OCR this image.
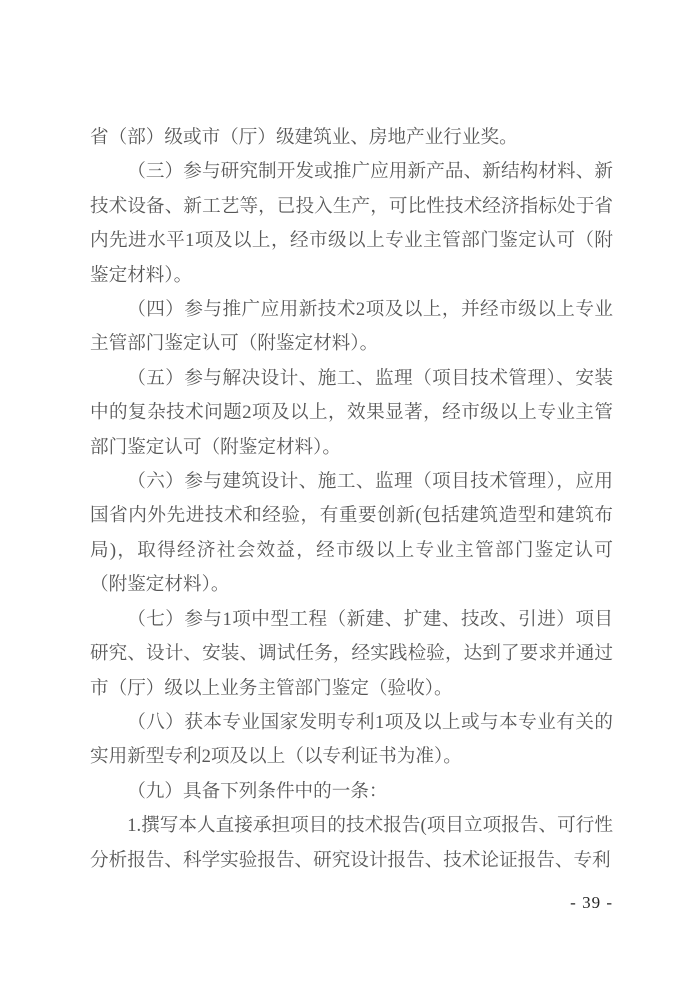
省（部）级或市（厅）级建筑业、房地产业行业奖。

（三）参与研究制开发或推广应用新产品、新结构材料、新技术设备、新工艺等，已投入生产，可比性技术经济指标处于省内先进水平1项及以上，经市级以上专业主管部门鉴定认可（附鉴定材料）。

（四）参与推广应用新技术2项及以上，并经市级以上专业主管部门鉴定认可（附鉴定材料）。

（五）参与解决设计、施工、监理（项目技术管理）、安装中的复杂技术问题2项及以上，效果显著，经市级以上专业主管部门鉴定认可（附鉴定材料）。

（六）参与建筑设计、施工、监理（项目技术管理），应用国省内外先进技术和经验，有重要创新(包括建筑造型和建筑布局)，取得经济社会效益，经市级以上专业主管部门鉴定认可（附鉴定材料）。

（七）参与1项中型工程（新建、扩建、技改、引进）项目研究、设计、安装、调试任务，经实践检验，达到了要求并通过市（厅）级以上业务主管部门鉴定（验收）。

（八）获本专业国家发明专利1项及以上或与本专业有关的实用新型专利2项及以上（以专利证书为准）。

（九）具备下列条件中的一条：

1.撰写本人直接承担项目的技术报告(项目立项报告、可行性分析报告、科学实验报告、研究设计报告、技术论证报告、专利

- 39 -
